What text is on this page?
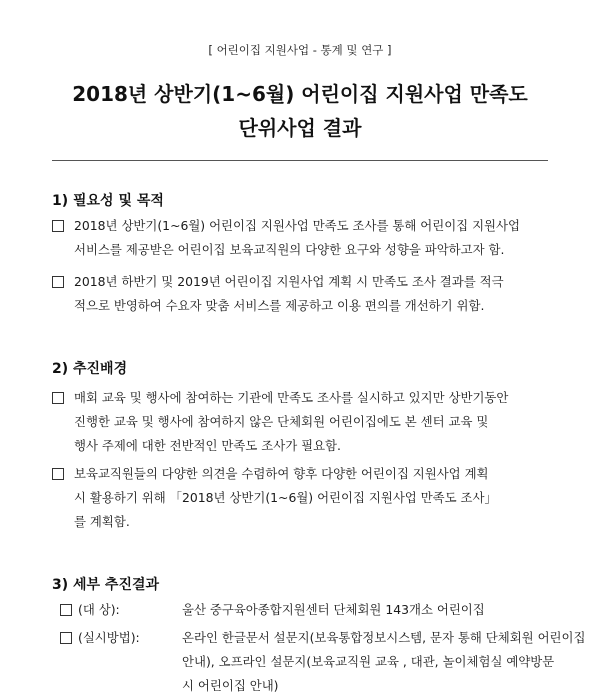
[ 어린이집 지원사업 - 통계 및 연구 ]
2018년 상반기(1~6월) 어린이집 지원사업 만족도
단위사업 결과
1) 필요성 및 목적
2018년 상반기(1~6월) 어린이집 지원사업 만족도 조사를 통해 어린이집 지원사업
서비스를 제공받은 어린이집 보육교직원의 다양한 요구와 성향을 파악하고자 함.
2018년 하반기 및 2019년 어린이집 지원사업 계획 시 만족도 조사 결과를 적극
적으로 반영하여 수요자 맞춤 서비스를 제공하고 이용 편의를 개선하기 위함.
2) 추진배경
매회 교육 및 행사에 참여하는 기관에 만족도 조사를 실시하고 있지만 상반기동안
진행한 교육 및 행사에 참여하지 않은 단체회원 어린이집에도 본 센터 교육 및
행사 주제에 대한 전반적인 만족도 조사가 필요함.
보육교직원들의 다양한 의견을 수렴하여 향후 다양한 어린이집 지원사업 계획
시 활용하기 위해 「2018년 상반기(1~6월) 어린이집 지원사업 만족도 조사」
를 계획함.
3) 세부 추진결과
(대 상):	울산 중구육아종합지원센터 단체회원 143개소 어린이집
(실시방법):	온라인 한글문서 설문지(보육통합정보시스템, 문자 통해 단체회원 어린이집
안내), 오프라인 설문지(보육교직원 교육 , 대관, 놀이체험실 예약방문
시 어린이집 안내)
